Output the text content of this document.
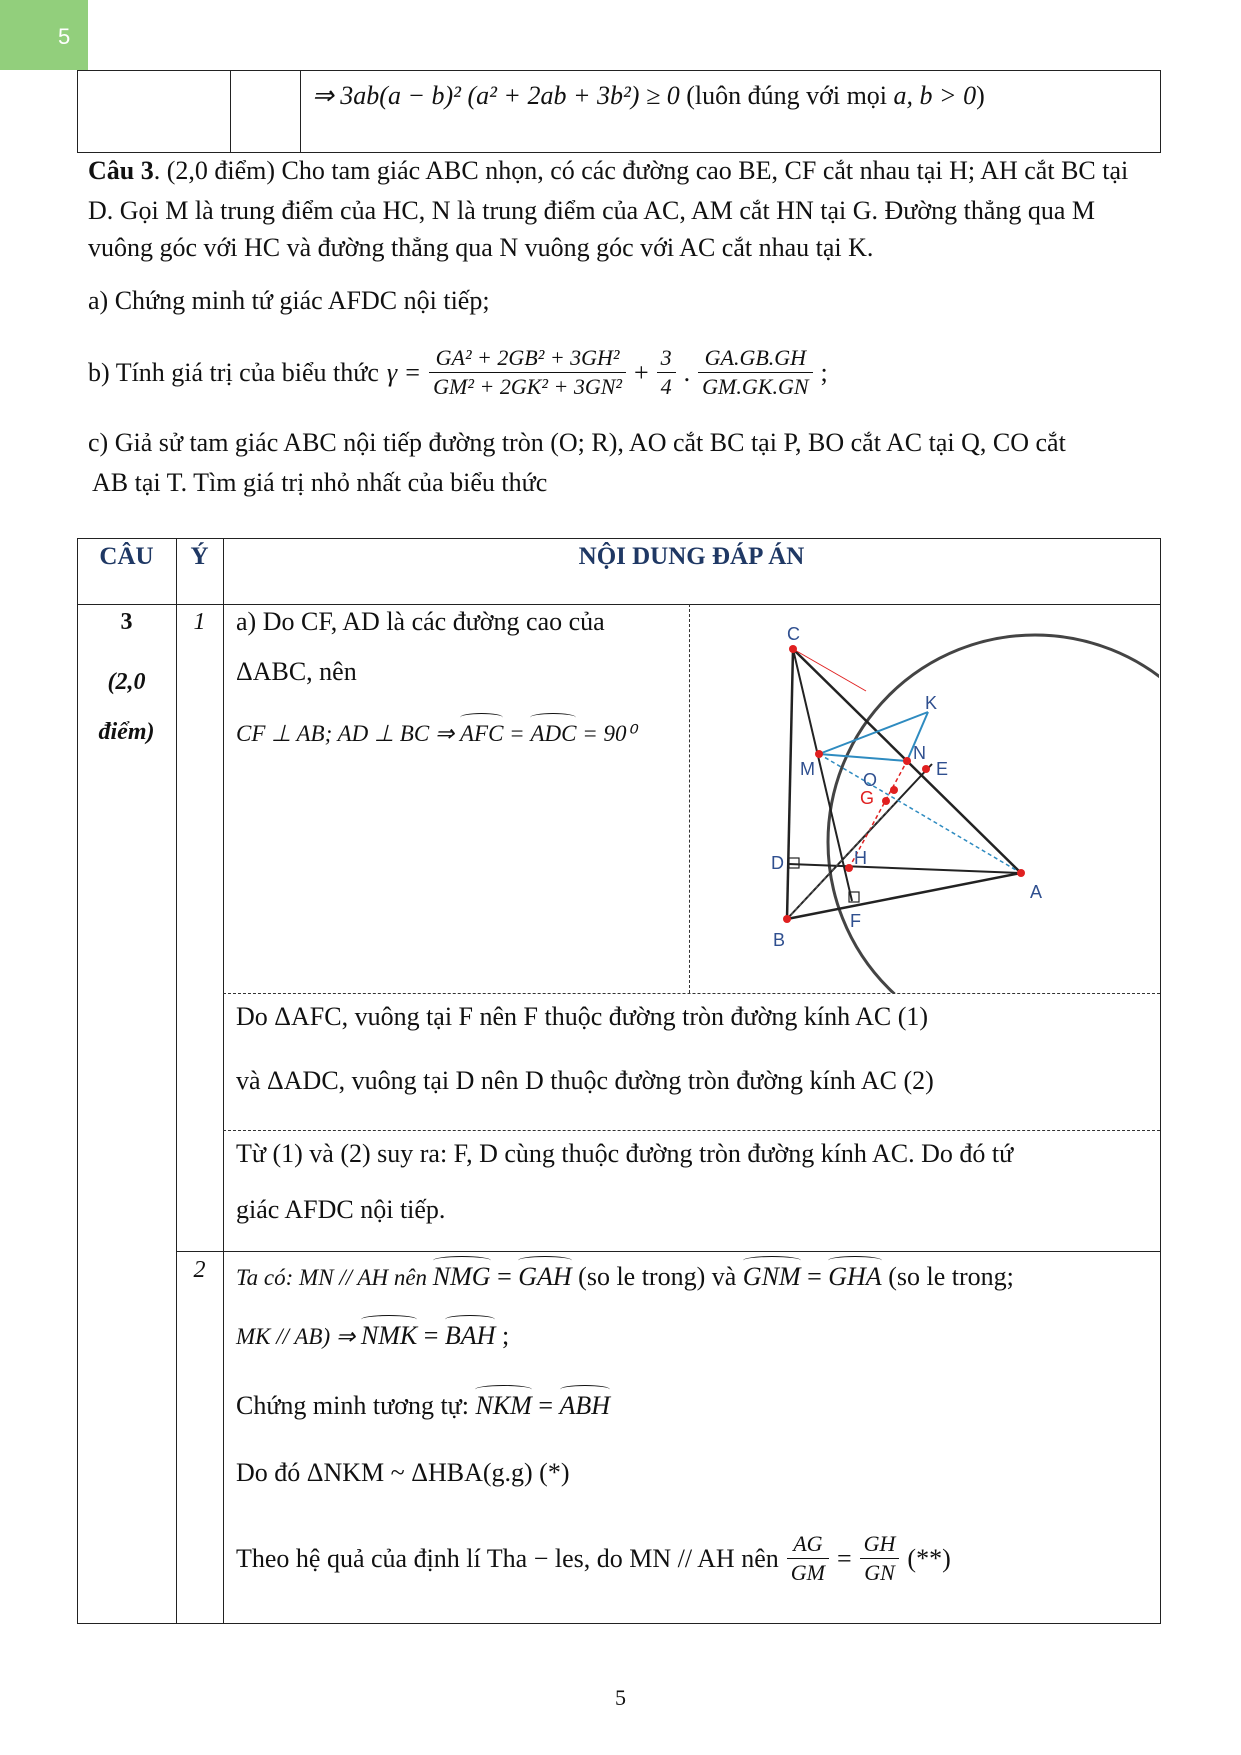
5
⇒ 3ab(a − b)² (a² + 2ab + 3b²) ≥ 0 (luôn đúng với mọi a, b > 0)
Câu 3. (2,0 điểm) Cho tam giác ABC nhọn, có các đường cao BE, CF cắt nhau tại H; AH cắt BC tại
D. Gọi M là trung điểm của HC, N là trung điểm của AC, AM cắt HN tại G. Đường thẳng qua M
vuông góc với HC và đường thẳng qua N vuông góc với AC cắt nhau tại K.
a) Chứng minh tứ giác AFDC nội tiếp;
b) Tính giá trị của biểu thức $\gamma = \frac{\text{GA² + 2GB² + 3GH²}}{\text{GM² + 2GK² + 3GN²}} + \frac{3}{4}$ . $\frac{GA.GB.GH}{GM.GK.GN}$ ;
c) Giả sử tam giác ABC nội tiếp đường tròn (O; R), AO cắt BC tại P, BO cắt AC tại Q, CO cắt
AB tại T. Tìm giá trị nhỏ nhất của biểu thức
CÂU	Ý	NỘI DUNG ĐÁP ÁN
3
(2,0
điểm)
1
2
a) Do CF, AD là các đường cao của
ΔABC, nên
CF ⊥ AB; AD ⊥ BC ⇒ AFC = ADC = 90⁰
C
A
B
D
E
F
G
H
K
M
N
O
Do ΔAFC, vuông tại F nên F thuộc đường tròn đường kính AC (1)
và ΔADC, vuông tại D nên D thuộc đường tròn đường kính AC (2)
Từ (1) và (2) suy ra: F, D cùng thuộc đường tròn đường kính AC. Do đó tứ
giác AFDC nội tiếp.
Ta có: MN // AH nên NMG = GAH (so le trong) và GNM = GHA (so le trong;
MK // AB) ⇒ NMK = BAH ;
Chứng minh tương tự: NKM = ABH
Do đó ΔNKM ~ ΔHBA(g.g) (*)
Theo hệ quả của định lí Tha − les, do MN // AH nên $\frac{AG}{GM} = \frac{GH}{GN}$ (**)
5
